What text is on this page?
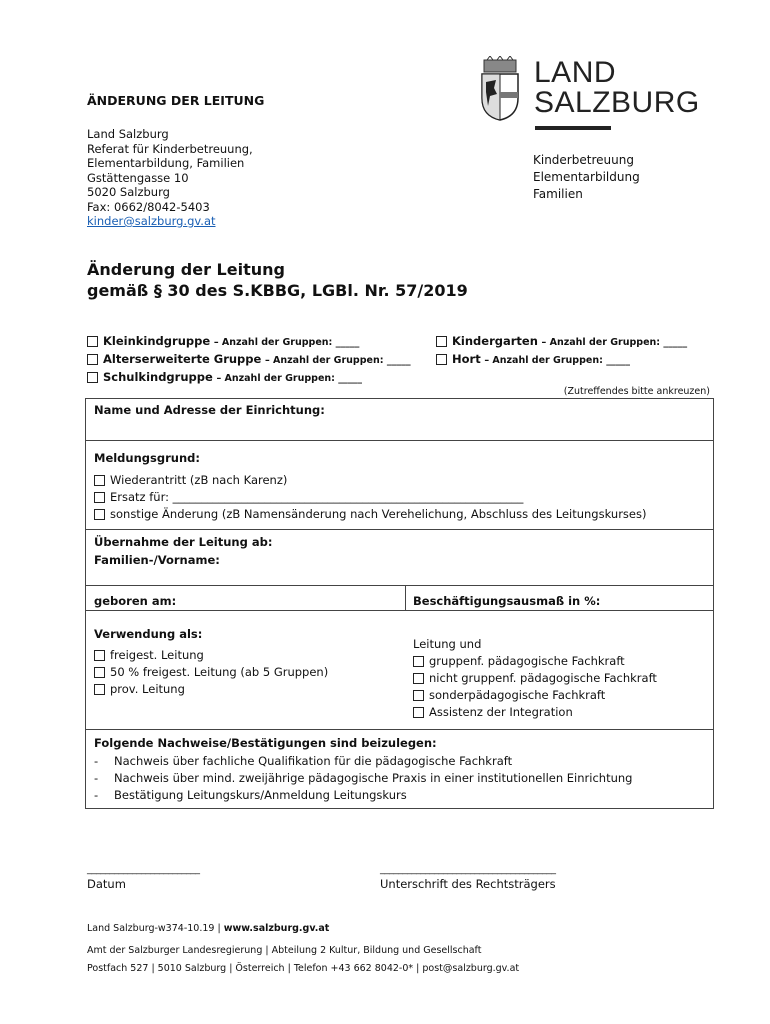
LAND
SALZBURG
ÄNDERUNG DER LEITUNG
Land Salzburg
Referat für Kinderbetreuung,
Elementarbildung, Familien
Gstättengasse 10
5020 Salzburg
Fax: 0662/8042-5403
kinder@salzburg.gv.at
Kinderbetreuung
Elementarbildung
Familien
Änderung der Leitung
gemäß § 30 des S.KBBG, LGBl. Nr. 57/2019
Kleinkindgruppe – Anzahl der Gruppen: _____
Alterserweiterte Gruppe – Anzahl der Gruppen: _____
Schulkindgruppe – Anzahl der Gruppen: _____
Kindergarten – Anzahl der Gruppen: _____
Hort – Anzahl der Gruppen: _____
(Zutreffendes bitte ankreuzen)
Name und Adresse der Einrichtung:
Meldungsgrund:
Wiederantritt (zB nach Karenz)
Ersatz für: _____________________________________________________________
sonstige Änderung (zB Namensänderung nach Verehelichung, Abschluss des Leitungskurses)
Übernahme der Leitung ab:
Familien-/Vorname:
geboren am:	Beschäftigungsausmaß in %:
Verwendung als:
freigest. Leitung
50 % freigest. Leitung (ab 5 Gruppen)
prov. Leitung
Leitung und
gruppenf. pädagogische Fachkraft
nicht gruppenf. pädagogische Fachkraft
sonderpädagogische Fachkraft
Assistenz der Integration
Folgende Nachweise/Bestätigungen sind beizulegen:
- Nachweis über fachliche Qualifikation für die pädagogische Fachkraft
- Nachweis über mind. zweijährige pädagogische Praxis in einer institutionellen Einrichtung
- Bestätigung Leitungskurs/Anmeldung Leitungskurs
_________________________
Datum
_______________________________________
Unterschrift des Rechtsträgers
Land Salzburg-w374-10.19 | www.salzburg.gv.at
Amt der Salzburger Landesregierung | Abteilung 2 Kultur, Bildung und Gesellschaft
Postfach 527 | 5010 Salzburg | Österreich | Telefon +43 662 8042-0* | post@salzburg.gv.at
